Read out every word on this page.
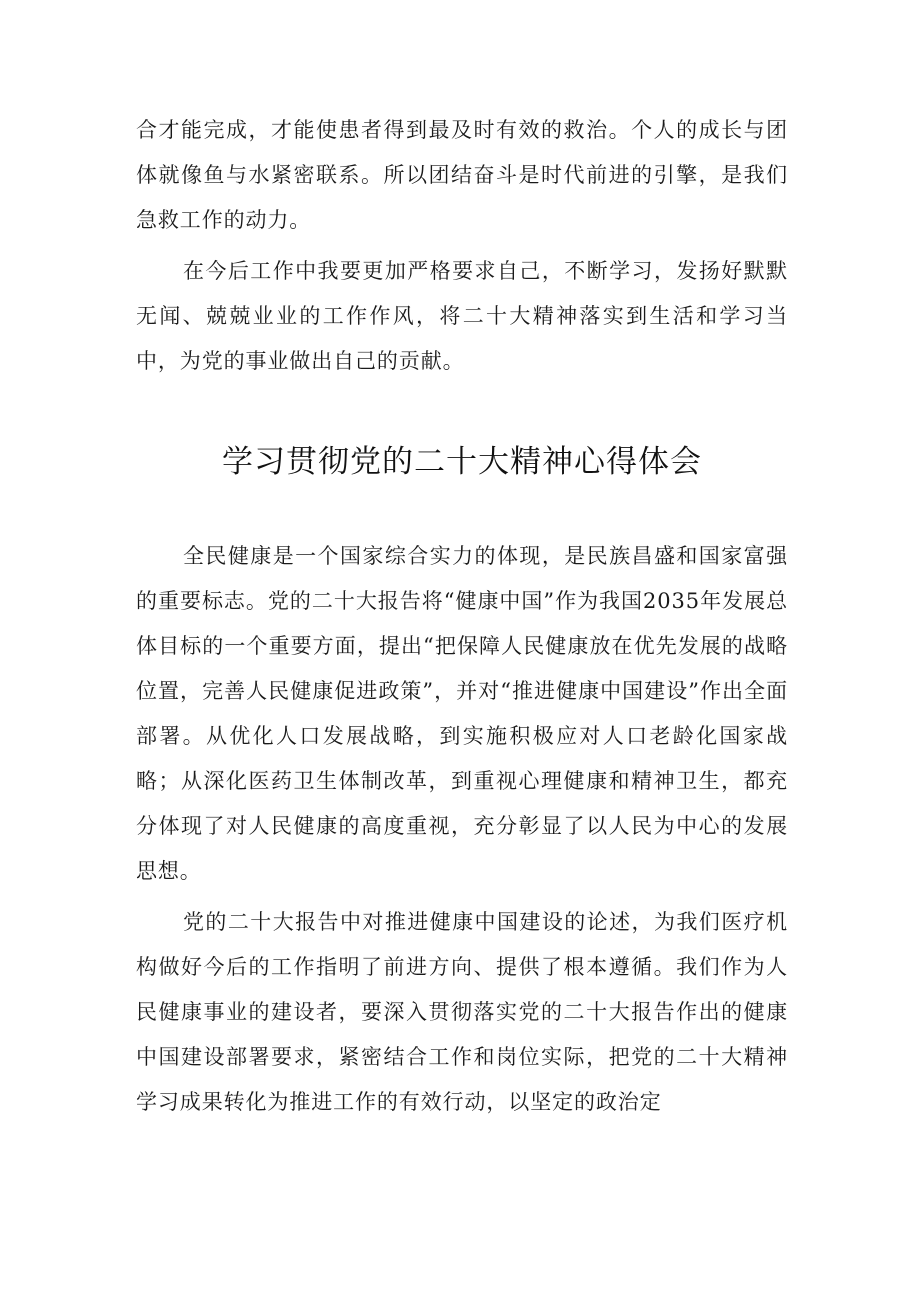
合才能完成，才能使患者得到最及时有效的救治。个人的成长与团体就像鱼与水紧密联系。所以团结奋斗是时代前进的引擎，是我们急救工作的动力。

在今后工作中我要更加严格要求自己，不断学习，发扬好默默无闻、兢兢业业的工作作风，将二十大精神落实到生活和学习当中，为党的事业做出自己的贡献。

学习贯彻党的二十大精神心得体会

全民健康是一个国家综合实力的体现，是民族昌盛和国家富强的重要标志。党的二十大报告将“健康中国”作为我国2035年发展总体目标的一个重要方面，提出“把保障人民健康放在优先发展的战略位置，完善人民健康促进政策”，并对“推进健康中国建设”作出全面部署。从优化人口发展战略，到实施积极应对人口老龄化国家战略；从深化医药卫生体制改革，到重视心理健康和精神卫生，都充分体现了对人民健康的高度重视，充分彰显了以人民为中心的发展思想。

党的二十大报告中对推进健康中国建设的论述，为我们医疗机构做好今后的工作指明了前进方向、提供了根本遵循。我们作为人民健康事业的建设者，要深入贯彻落实党的二十大报告作出的健康中国建设部署要求，紧密结合工作和岗位实际，把党的二十大精神学习成果转化为推进工作的有效行动，以坚定的政治定
